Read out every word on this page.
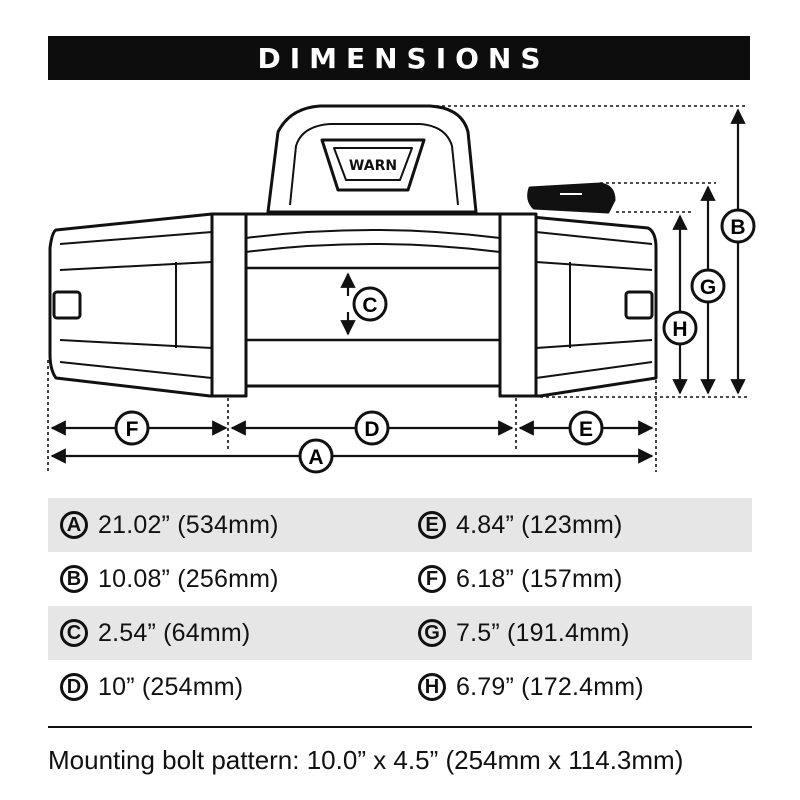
DIMENSIONS
WARN
F	D	E
A
B
G
H
C
A 21.02” (534mm)	E 4.84” (123mm)
B 10.08” (256mm)	F 6.18” (157mm)
C 2.54” (64mm)	G 7.5” (191.4mm)
D 10” (254mm)	H 6.79” (172.4mm)
Mounting bolt pattern: 10.0” x 4.5” (254mm x 114.3mm)
